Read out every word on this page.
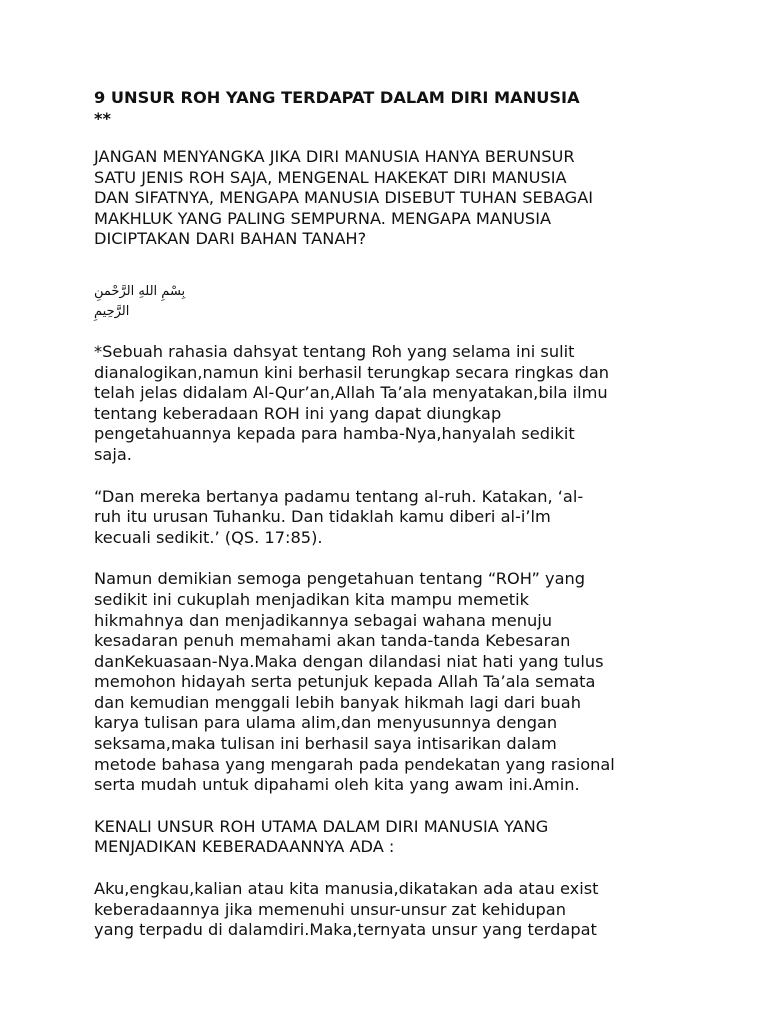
9 UNSUR ROH YANG TERDAPAT DALAM DIRI MANUSIA
**

JANGAN MENYANGKA JIKA DIRI MANUSIA HANYA BERUNSUR
SATU JENIS ROH SAJA, MENGENAL HAKEKAT DIRI MANUSIA
DAN SIFATNYA, MENGAPA MANUSIA DISEBUT TUHAN SEBAGAI
MAKHLUK YANG PALING SEMPURNA. MENGAPA MANUSIA
DICIPTAKAN DARI BAHAN TANAH?

بِسْمِ اللهِ الرَّحْمنِ الرَّحِيمِ

*Sebuah rahasia dahsyat tentang Roh yang selama ini sulit
dianalogikan,namun kini berhasil terungkap secara ringkas dan
telah jelas didalam Al-Qur’an,Allah Ta’ala menyatakan,bila ilmu
tentang keberadaan ROH ini yang dapat diungkap
pengetahuannya kepada para hamba-Nya,hanyalah sedikit
saja.

“Dan mereka bertanya padamu tentang al-ruh. Katakan, ‘al-
ruh itu urusan Tuhanku. Dan tidaklah kamu diberi al-i’lm
kecuali sedikit.’ (QS. 17:85).

Namun demikian semoga pengetahuan tentang “ROH” yang
sedikit ini cukuplah menjadikan kita mampu memetik
hikmahnya dan menjadikannya sebagai wahana menuju
kesadaran penuh memahami akan tanda-tanda Kebesaran
danKekuasaan-Nya.Maka dengan dilandasi niat hati yang tulus
memohon hidayah serta petunjuk kepada Allah Ta’ala semata
dan kemudian menggali lebih banyak hikmah lagi dari buah
karya tulisan para ulama alim,dan menyusunnya dengan
seksama,maka tulisan ini berhasil saya intisarikan dalam
metode bahasa yang mengarah pada pendekatan yang rasional
serta mudah untuk dipahami oleh kita yang awam ini.Amin.

KENALI UNSUR ROH UTAMA DALAM DIRI MANUSIA YANG
MENJADIKAN KEBERADAANNYA ADA :

Aku,engkau,kalian atau kita manusia,dikatakan ada atau exist
keberadaannya jika memenuhi unsur-unsur zat kehidupan
yang terpadu di dalamdiri.Maka,ternyata unsur yang terdapat
